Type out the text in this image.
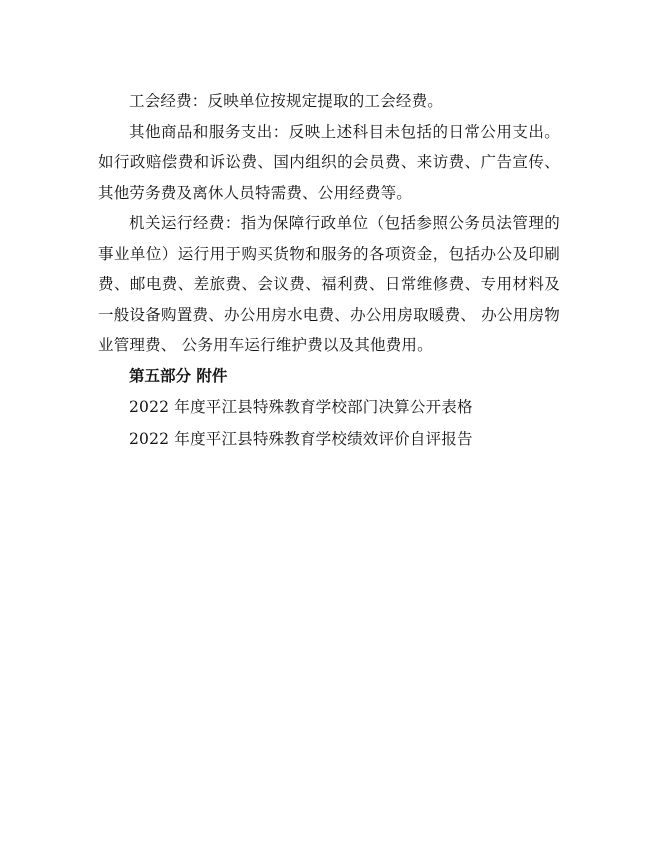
工会经费：反映单位按规定提取的工会经费。

其他商品和服务支出：反映上述科目未包括的日常公用支出。如行政赔偿费和诉讼费、国内组织的会员费、来访费、广告宣传、其他劳务费及离休人员特需费、公用经费等。

机关运行经费：指为保障行政单位（包括参照公务员法管理的事业单位）运行用于购买货物和服务的各项资金，包括办公及印刷费、邮电费、差旅费、会议费、福利费、日常维修费、专用材料及一般设备购置费、办公用房水电费、办公用房取暖费、 办公用房物业管理费、 公务用车运行维护费以及其他费用。

第五部分 附件

2022 年度平江县特殊教育学校部门决算公开表格

2022 年度平江县特殊教育学校绩效评价自评报告
